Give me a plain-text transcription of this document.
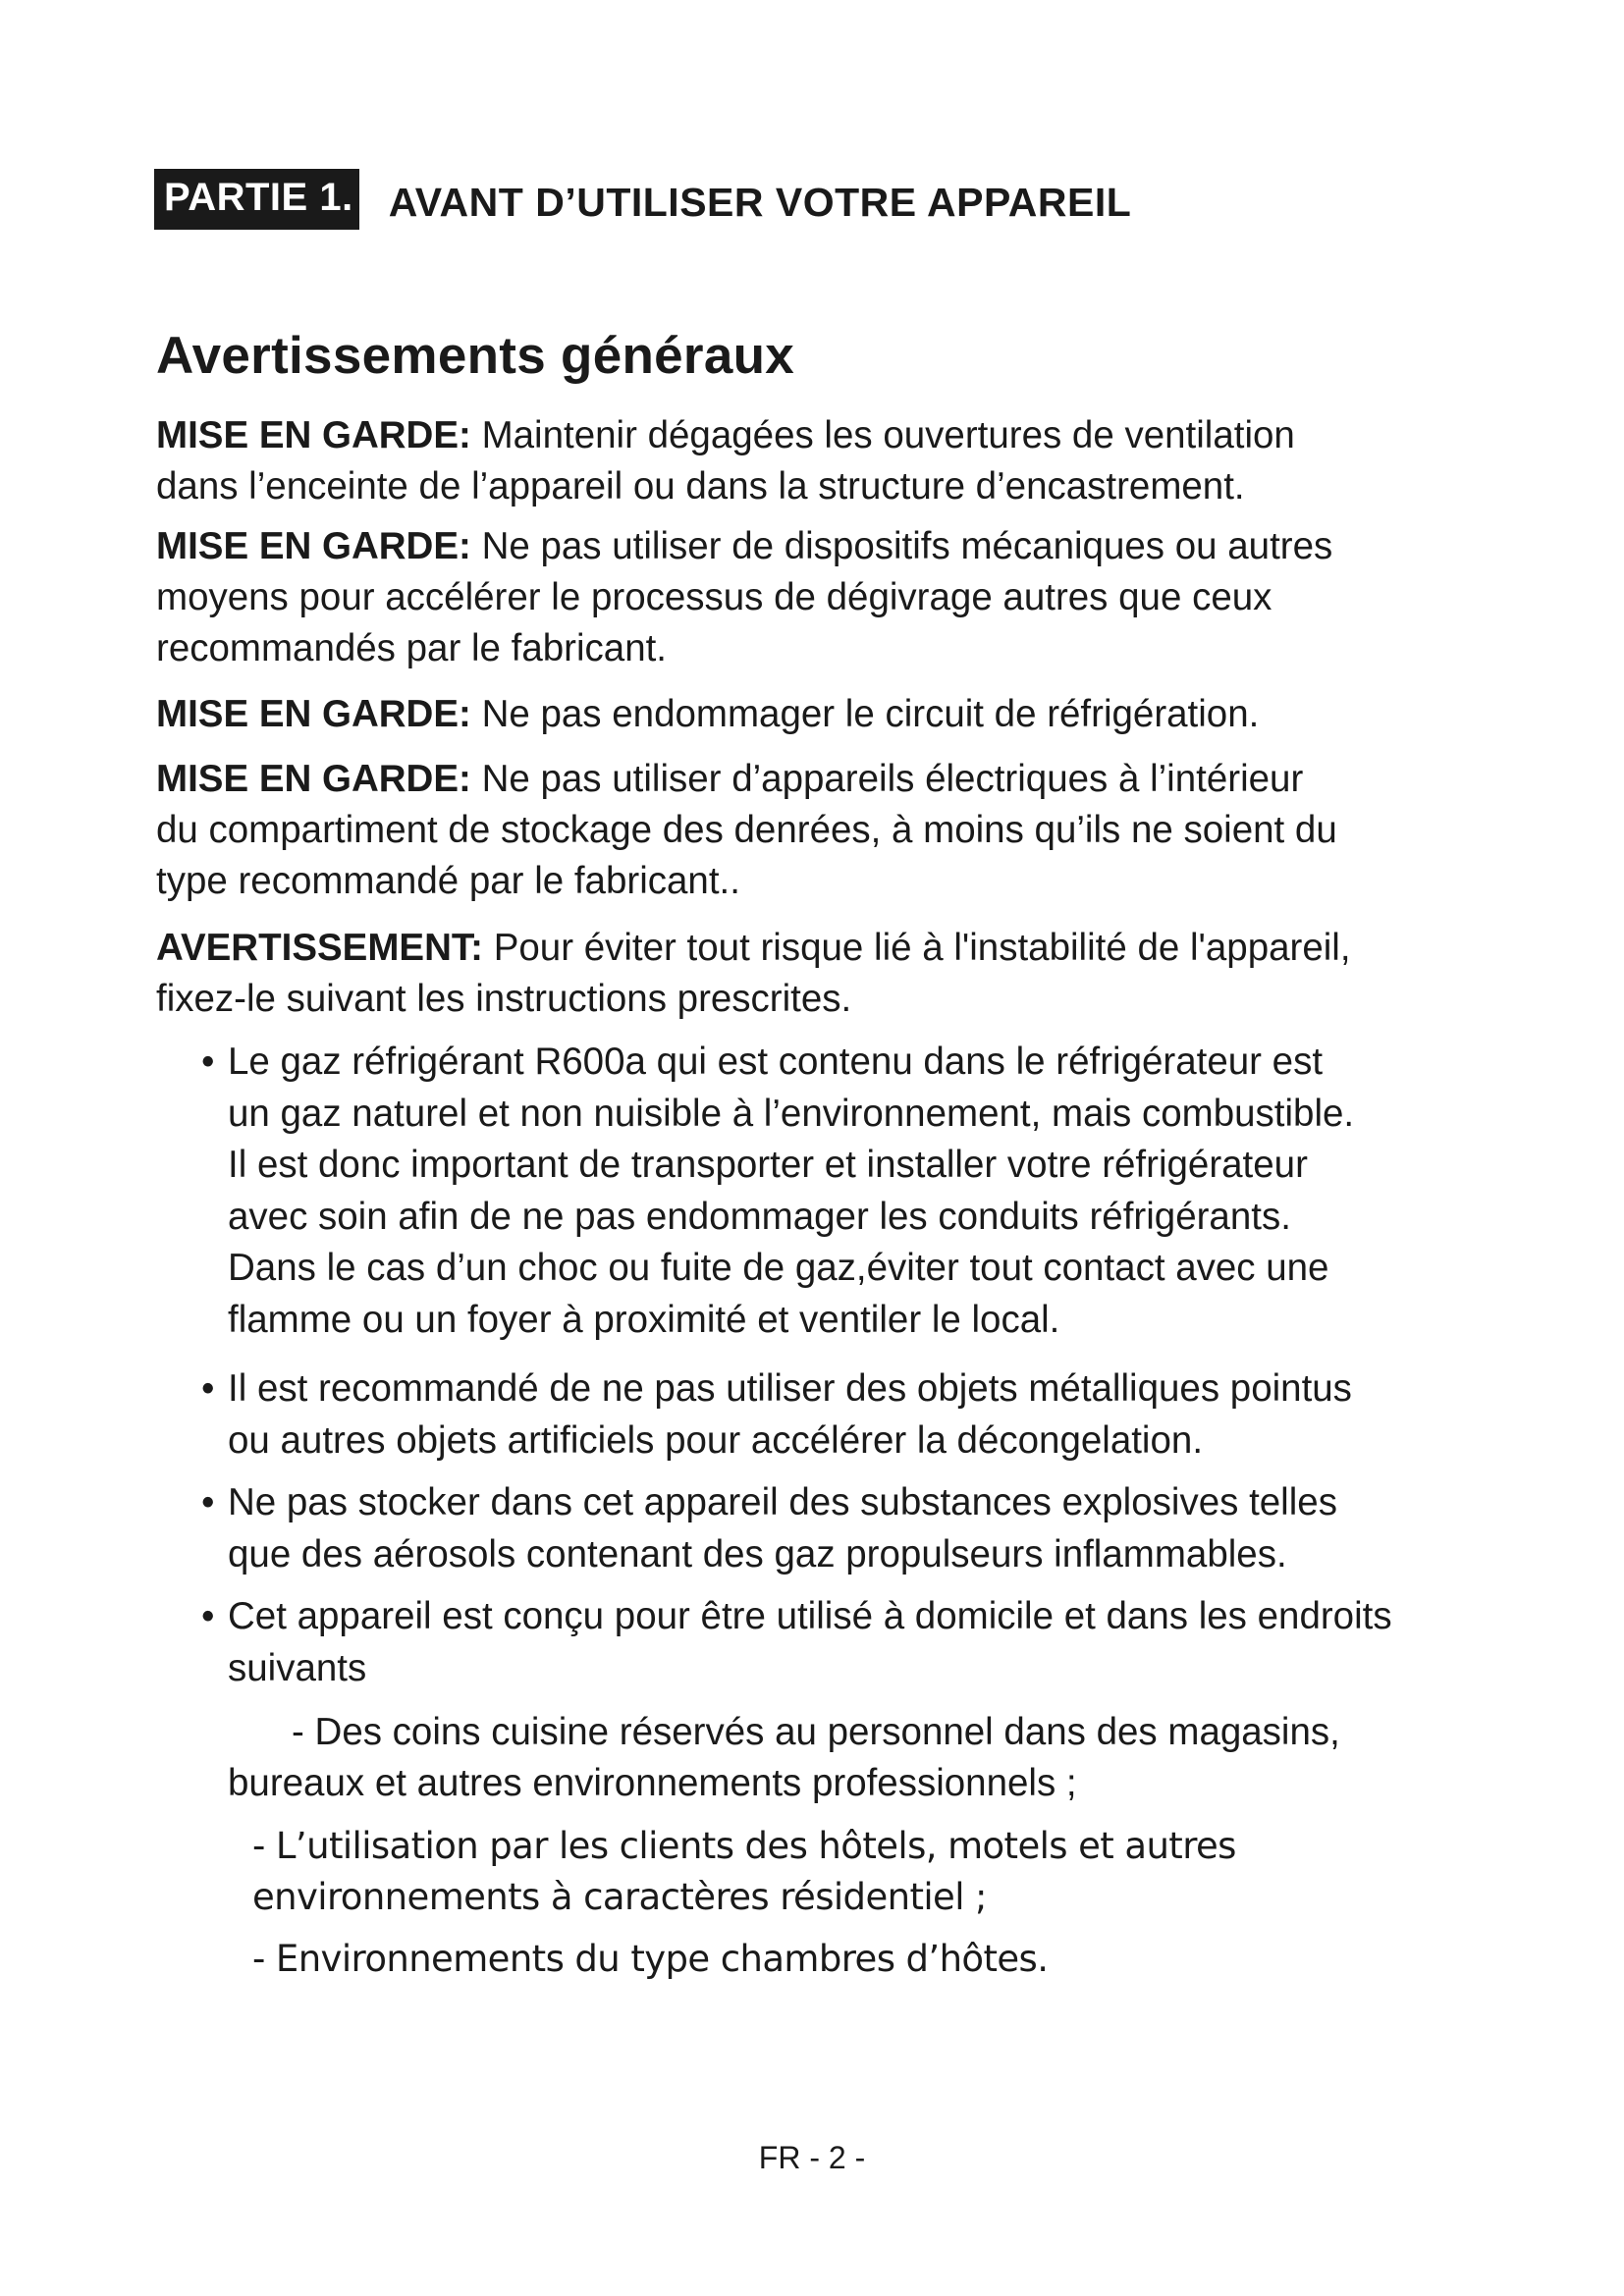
PARTIE 1. AVANT D’UTILISER VOTRE APPAREIL
Avertissements généraux

MISE EN GARDE: Maintenir dégagées les ouvertures de ventilation
dans l’enceinte de l’appareil ou dans la structure d’encastrement.

MISE EN GARDE: Ne pas utiliser de dispositifs mécaniques ou autres
moyens pour accélérer le processus de dégivrage autres que ceux
recommandés par le fabricant.

MISE EN GARDE: Ne pas endommager le circuit de réfrigération.

MISE EN GARDE: Ne pas utiliser d’appareils électriques à l’intérieur
du compartiment de stockage des denrées, à moins qu’ils ne soient du
type recommandé par le fabricant..

AVERTISSEMENT: Pour éviter tout risque lié à l'instabilité de l'appareil,
fixez-le suivant les instructions prescrites.

• Le gaz réfrigérant R600a qui est contenu dans le réfrigérateur est
un gaz naturel et non nuisible à l’environnement, mais combustible.
Il est donc important de transporter et installer votre réfrigérateur
avec soin afin de ne pas endommager les conduits réfrigérants.
Dans le cas d’un choc ou fuite de gaz,éviter tout contact avec une
flamme ou un foyer à proximité et ventiler le local.

• Il est recommandé de ne pas utiliser des objets métalliques pointus
ou autres objets artificiels pour accélérer la décongelation.

• Ne pas stocker dans cet appareil des substances explosives telles
que des aérosols contenant des gaz propulseurs inflammables.

• Cet appareil est conçu pour être utilisé à domicile et dans les endroits
suivants

- Des coins cuisine réservés au personnel dans des magasins,
bureaux et autres environnements professionnels ;

- L’utilisation par les clients des hôtels, motels et autres
environnements à caractères résidentiel ;

- Environnements du type chambres d’hôtes.

FR - 2 -
